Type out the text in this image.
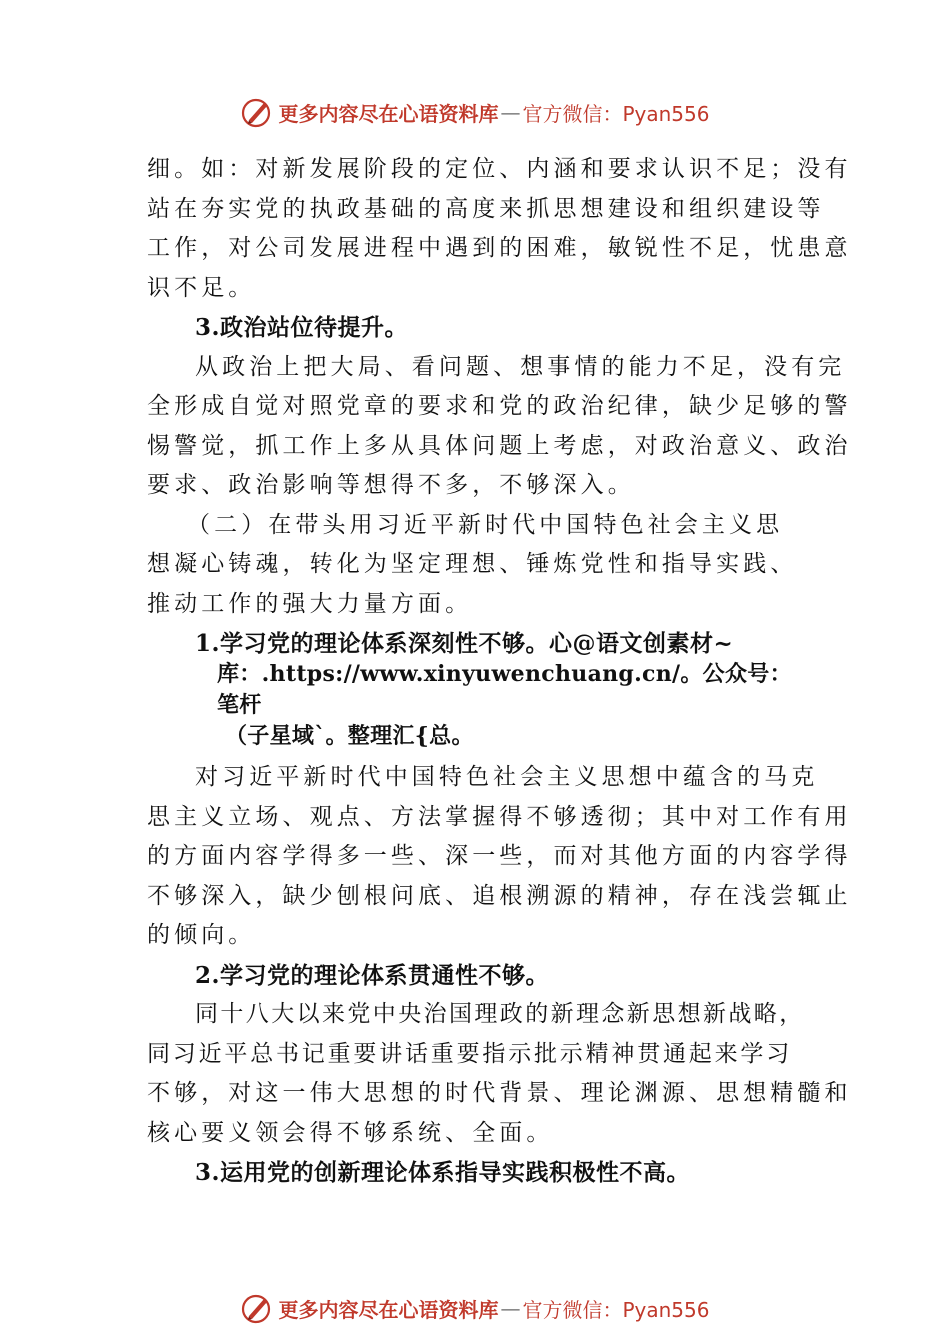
更多内容尽在心语资料库 — 官方微信：Pyan556
细。如：对新发展阶段的定位、内涵和要求认识不足；没有
站在夯实党的执政基础的高度来抓思想建设和组织建设等
工作，对公司发展进程中遇到的困难，敏锐性不足，忧患意
识不足。
3.政治站位待提升。
从政治上把大局、看问题、想事情的能力不足，没有完
全形成自觉对照党章的要求和党的政治纪律，缺少足够的警
惕警觉，抓工作上多从具体问题上考虑，对政治意义、政治
要求、政治影响等想得不多，不够深入。
（二）在带头用习近平新时代中国特色社会主义思
想凝心铸魂，转化为坚定理想、锤炼党性和指导实践、
推动工作的强大力量方面。
1.学习党的理论体系深刻性不够。心@语文创素材~
库：.https://www.xinyuwenchuang.cn/。公众号：笔杆
（子星域`。整理汇{总。
对习近平新时代中国特色社会主义思想中蕴含的马克
思主义立场、观点、方法掌握得不够透彻；其中对工作有用
的方面内容学得多一些、深一些，而对其他方面的内容学得
不够深入，缺少刨根问底、追根溯源的精神，存在浅尝辄止
的倾向。
2.学习党的理论体系贯通性不够。
同十八大以来党中央治国理政的新理念新思想新战略，
同习近平总书记重要讲话重要指示批示精神贯通起来学习
不够，对这一伟大思想的时代背景、理论渊源、思想精髓和
核心要义领会得不够系统、全面。
3.运用党的创新理论体系指导实践积极性不高。
更多内容尽在心语资料库 — 官方微信：Pyan556
